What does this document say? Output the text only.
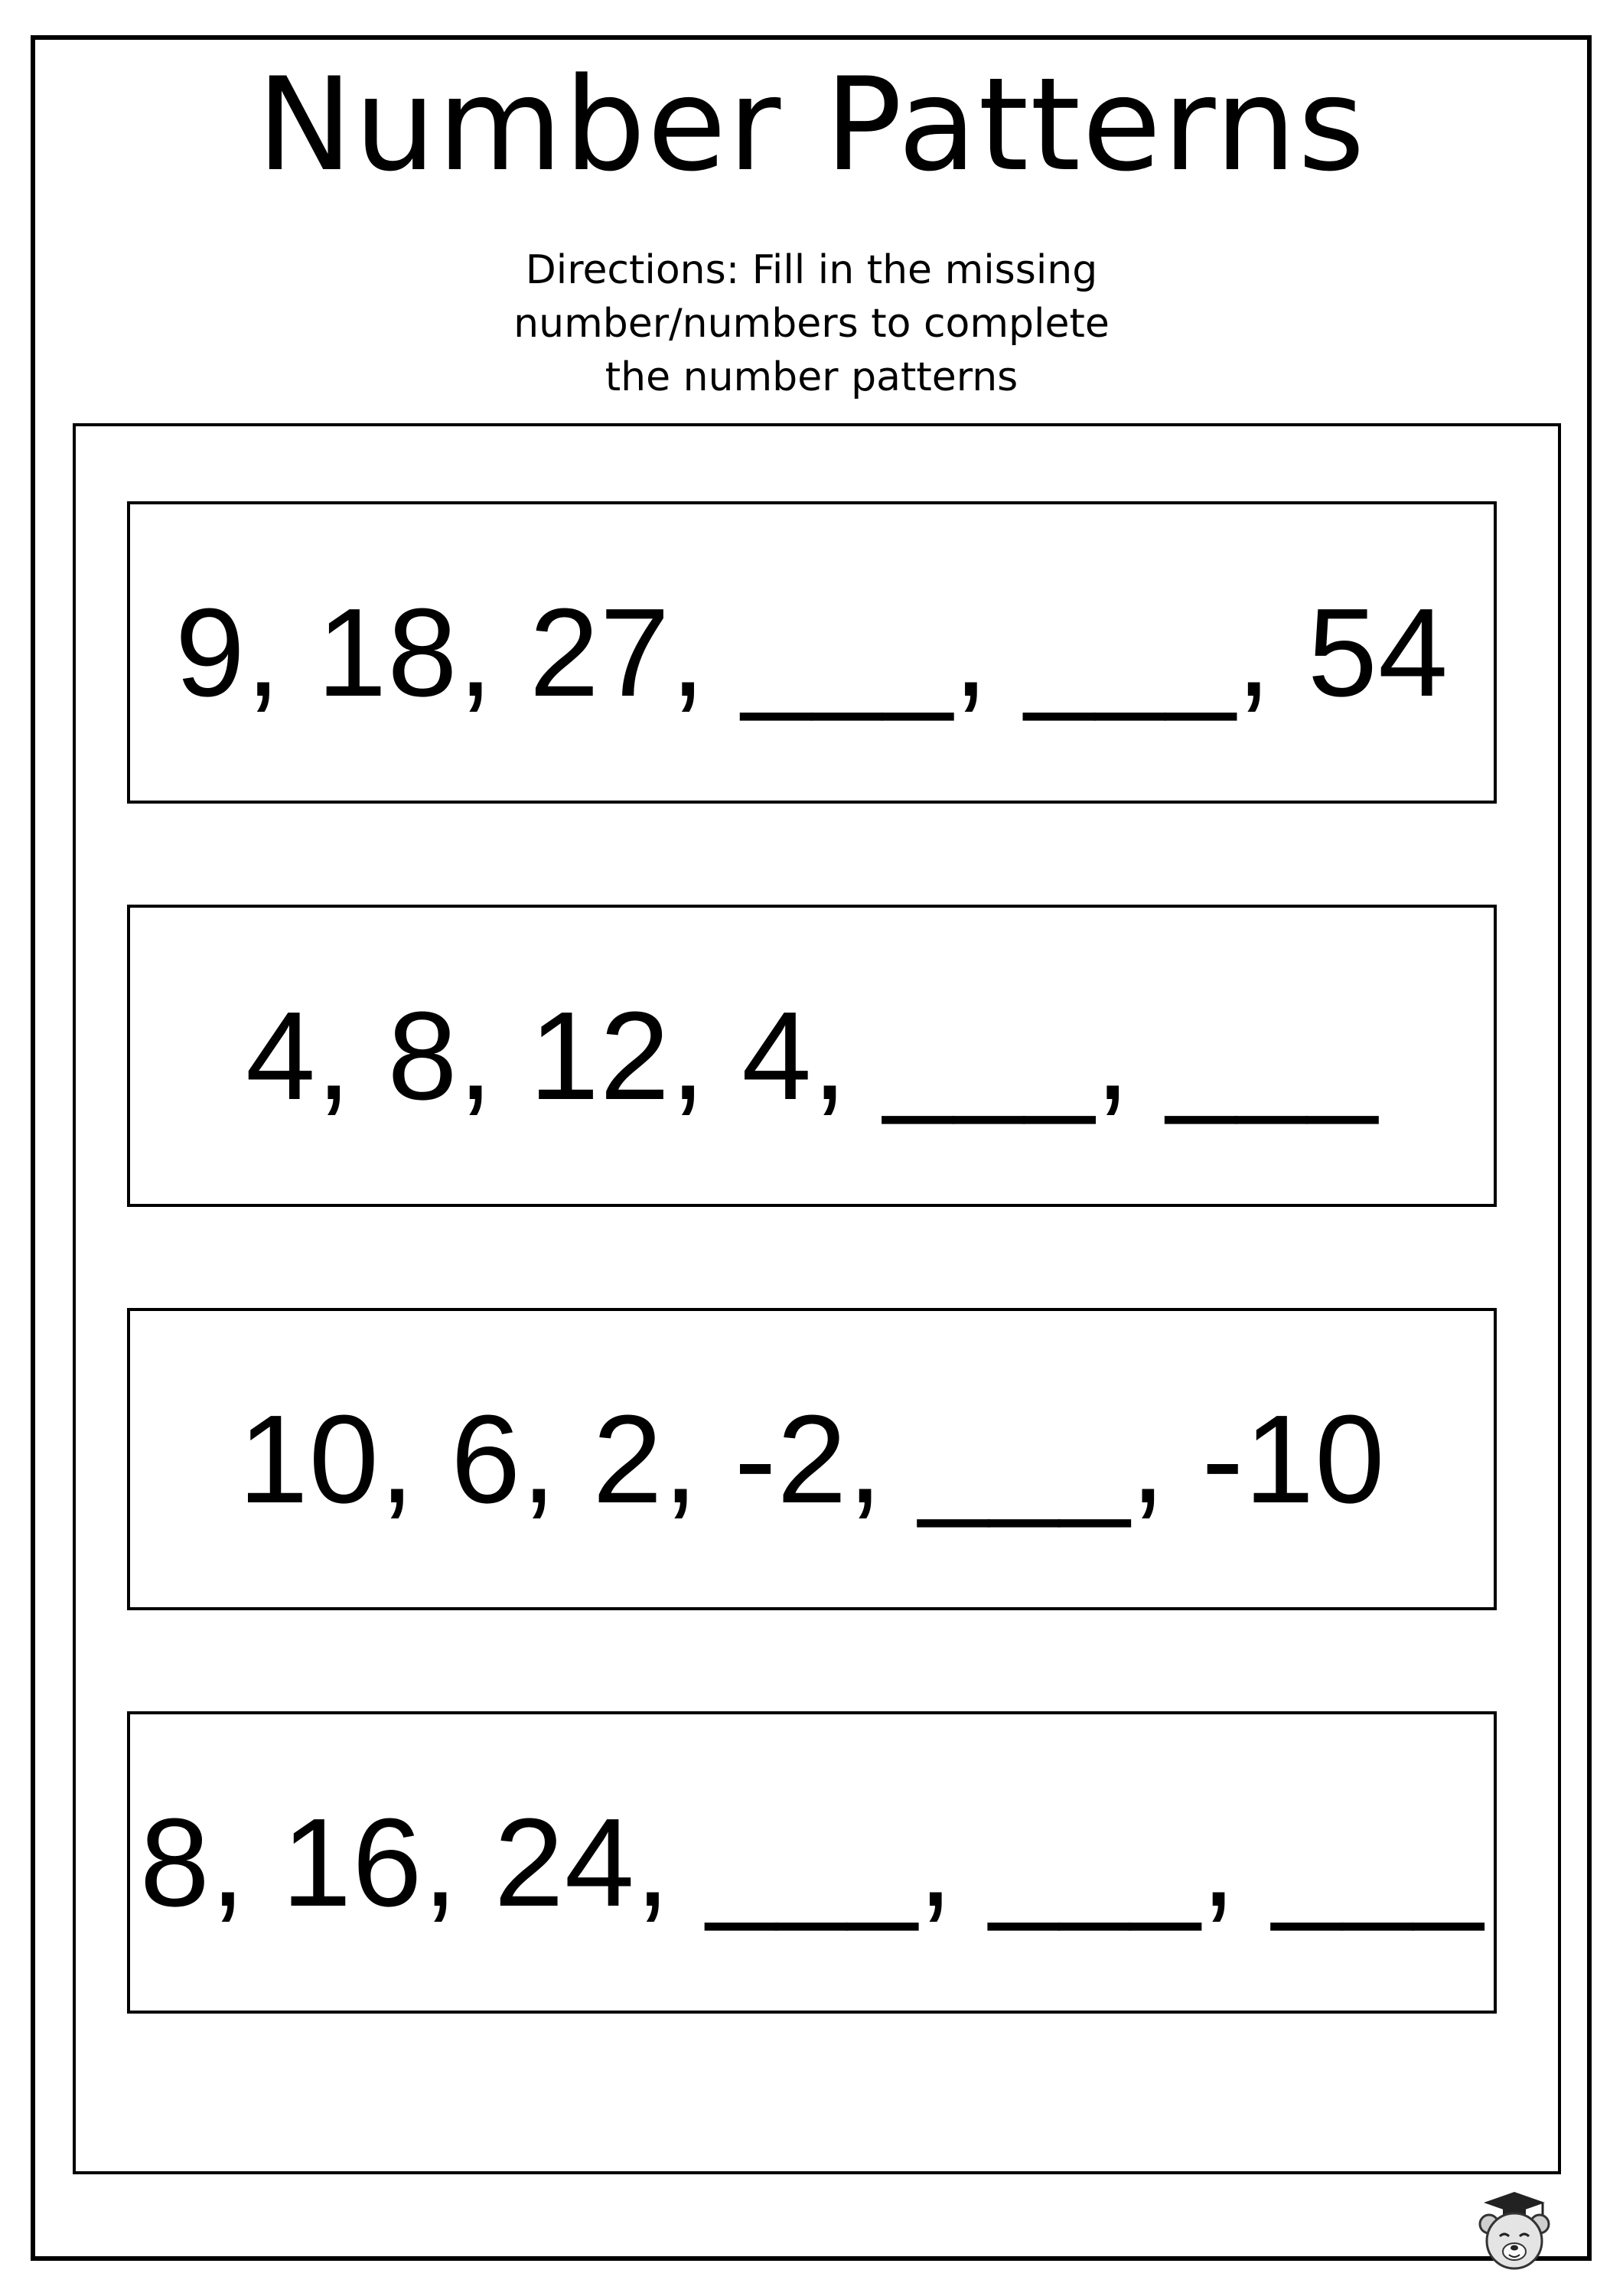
Number Patterns
Directions: Fill in the missing
number/numbers to complete
the number patterns
9, 18, 27, ___, ___, 54
4, 8, 12, 4, ___, ___
10, 6, 2, -2, ___, -10
8, 16, 24, ___, ___, ___
